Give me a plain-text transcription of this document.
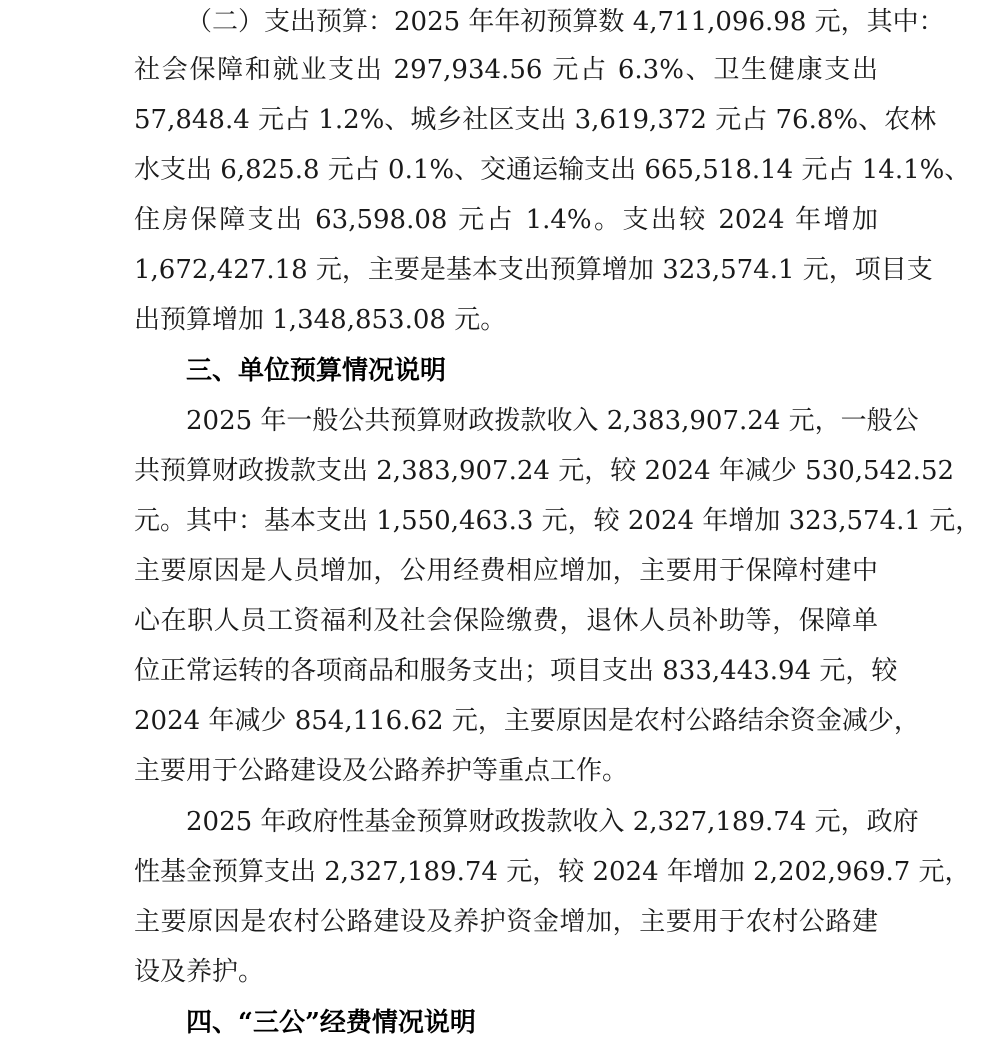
（二）支出预算：2025 年年初预算数 4,711,096.98 元，其中：
社会保障和就业支出 297,934.56 元占 6.3%、卫生健康支出
57,848.4 元占 1.2%、城乡社区支出 3,619,372 元占 76.8%、农林
水支出 6,825.8 元占 0.1%、交通运输支出 665,518.14 元占 14.1%、
住房保障支出 63,598.08 元占 1.4%。支出较 2024 年增加
1,672,427.18 元，主要是基本支出预算增加 323,574.1 元，项目支
出预算增加 1,348,853.08 元。
三、单位预算情况说明
2025 年一般公共预算财政拨款收入 2,383,907.24 元，一般公
共预算财政拨款支出 2,383,907.24 元，较 2024 年减少 530,542.52
元。其中：基本支出 1,550,463.3 元，较 2024 年增加 323,574.1 元，
主要原因是人员增加，公用经费相应增加，主要用于保障村建中
心在职人员工资福利及社会保险缴费，退休人员补助等，保障单
位正常运转的各项商品和服务支出；项目支出 833,443.94 元，较
2024 年减少 854,116.62 元，主要原因是农村公路结余资金减少，
主要用于公路建设及公路养护等重点工作。
2025 年政府性基金预算财政拨款收入 2,327,189.74 元，政府
性基金预算支出 2,327,189.74 元，较 2024 年增加 2,202,969.7 元，
主要原因是农村公路建设及养护资金增加，主要用于农村公路建
设及养护。
四、“三公”经费情况说明
